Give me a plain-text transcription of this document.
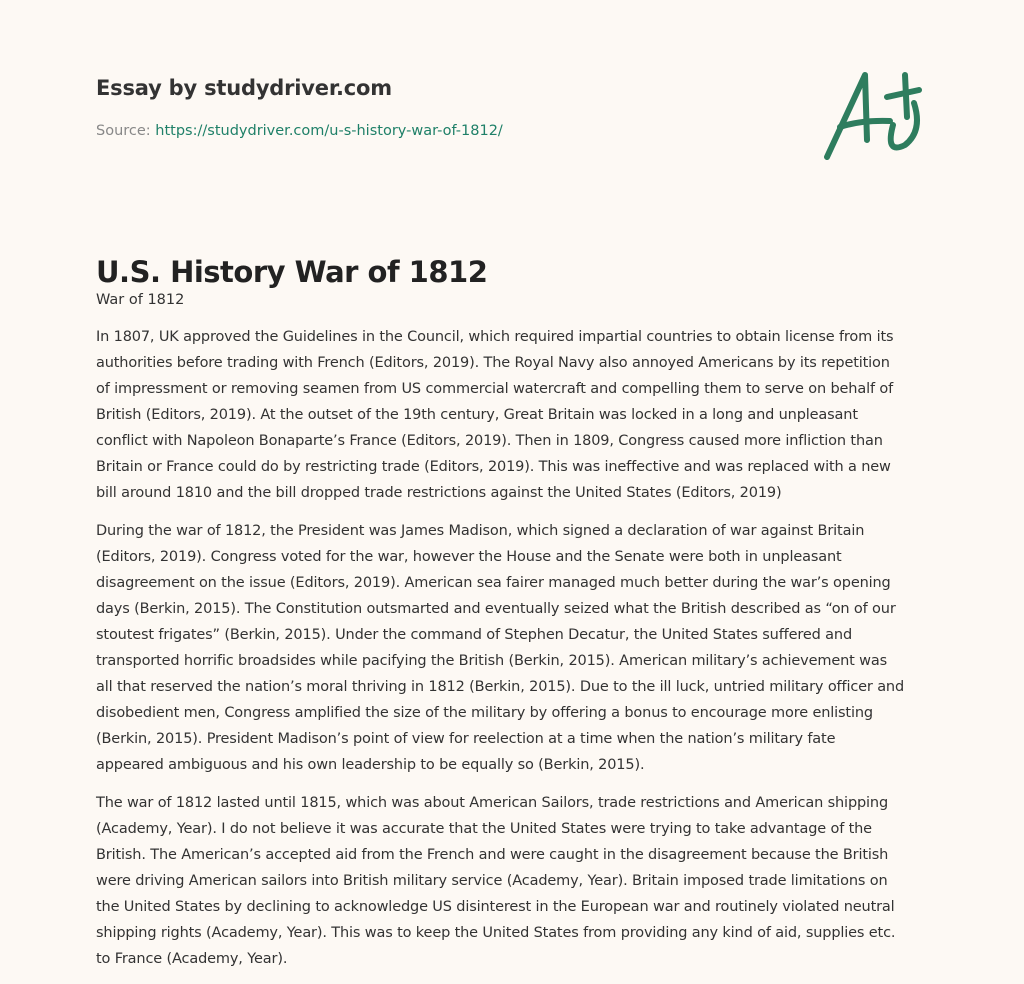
Essay by studydriver.com
Source: https://studydriver.com/u-s-history-war-of-1812/
U.S. History War of 1812
War of 1812
In 1807, UK approved the Guidelines in the Council, which required impartial countries to obtain license from its
authorities before trading with French (Editors, 2019). The Royal Navy also annoyed Americans by its repetition
of impressment or removing seamen from US commercial watercraft and compelling them to serve on behalf of
British (Editors, 2019). At the outset of the 19th century, Great Britain was locked in a long and unpleasant
conflict with Napoleon Bonaparte’s France (Editors, 2019). Then in 1809, Congress caused more infliction than
Britain or France could do by restricting trade (Editors, 2019). This was ineffective and was replaced with a new
bill around 1810 and the bill dropped trade restrictions against the United States (Editors, 2019)
During the war of 1812, the President was James Madison, which signed a declaration of war against Britain
(Editors, 2019). Congress voted for the war, however the House and the Senate were both in unpleasant
disagreement on the issue (Editors, 2019). American sea fairer managed much better during the war’s opening
days (Berkin, 2015). The Constitution outsmarted and eventually seized what the British described as “on of our
stoutest frigates” (Berkin, 2015). Under the command of Stephen Decatur, the United States suffered and
transported horrific broadsides while pacifying the British (Berkin, 2015). American military’s achievement was
all that reserved the nation’s moral thriving in 1812 (Berkin, 2015). Due to the ill luck, untried military officer and
disobedient men, Congress amplified the size of the military by offering a bonus to encourage more enlisting
(Berkin, 2015). President Madison’s point of view for reelection at a time when the nation’s military fate
appeared ambiguous and his own leadership to be equally so (Berkin, 2015).
The war of 1812 lasted until 1815, which was about American Sailors, trade restrictions and American shipping
(Academy, Year). I do not believe it was accurate that the United States were trying to take advantage of the
British. The American’s accepted aid from the French and were caught in the disagreement because the British
were driving American sailors into British military service (Academy, Year). Britain imposed trade limitations on
the United States by declining to acknowledge US disinterest in the European war and routinely violated neutral
shipping rights (Academy, Year). This was to keep the United States from providing any kind of aid, supplies etc.
to France (Academy, Year).
